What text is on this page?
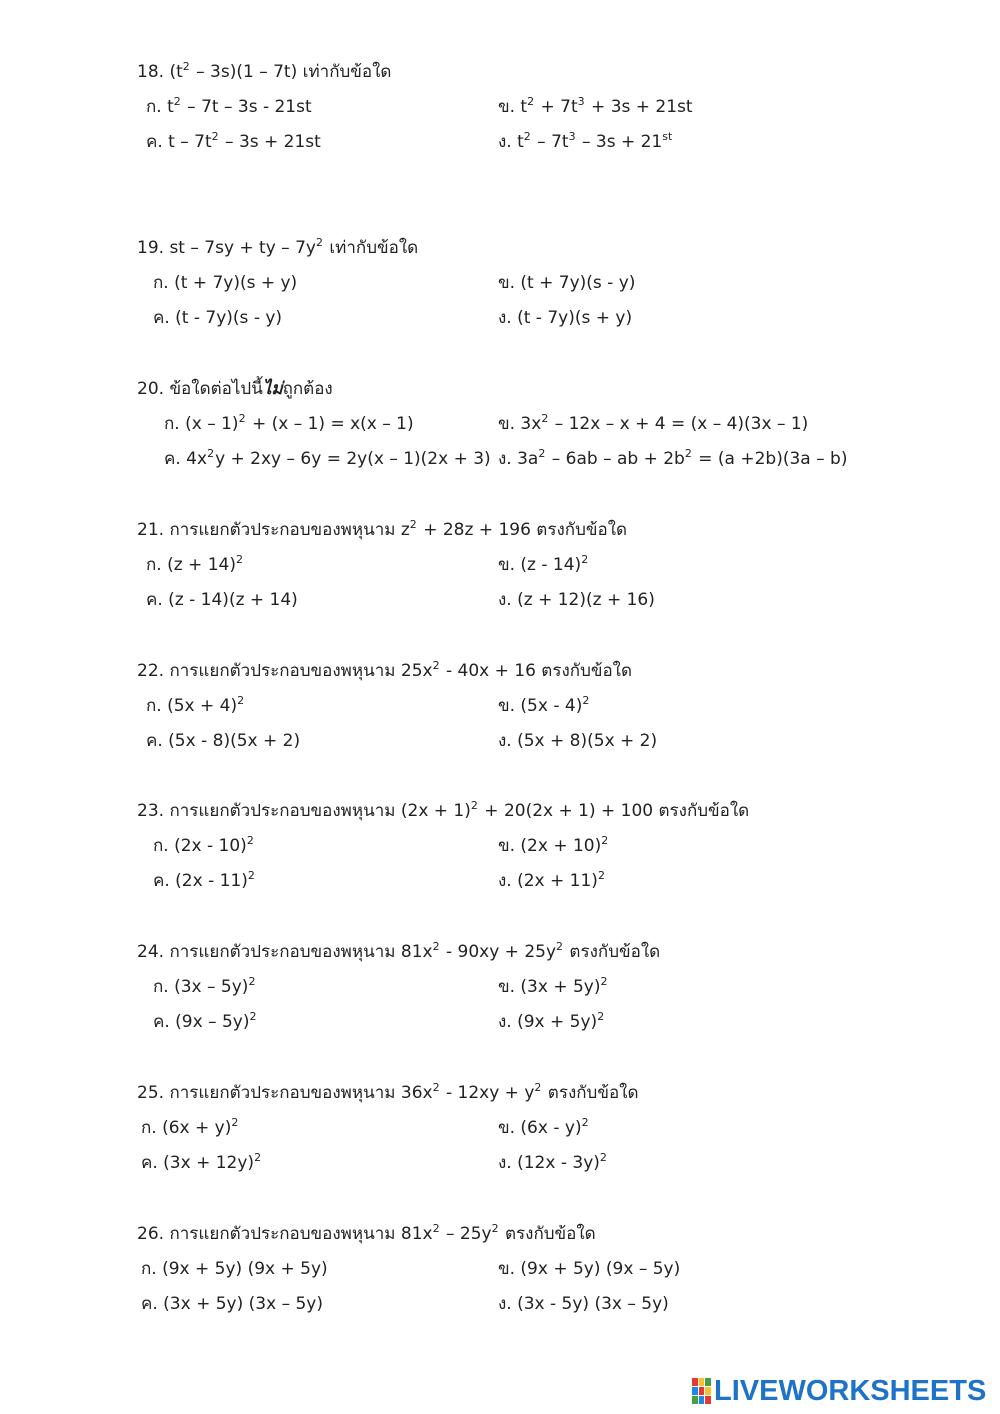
18. $(t^2 - 3s)(1 - 7t)$ เท่ากับข้อใด
ก. $t^2 - 7t - 3s - 21st$	ข. $t^2 + 7t^3 + 3s + 21st$
ค. $t - 7t^2 - 3s + 21st$	ง. $t^2 - 7t^3 - 3s + 21st$
19. st – 7sy + ty – $7y^2$ เท่ากับข้อใด
ก. (t + 7y)(s + y)	ข. (t + 7y)(s - y)
ค. (t - 7y)(s - y)	ง. (t - 7y)(s + y)
20. ข้อใดต่อไปนี้ไม่ถูกต้อง
ก. (x – 1)$^2$ + (x – 1) = x(x – 1)	ข. $3x^2 - 12x - x + 4 = (x - 4)(3x - 1)$
ค. $4x^2y + 2xy - 6y = 2y(x - 1)(2x + 3)$ ง. $3a^2 - 6ab$ – ab + $2b^2 = (a +2b)(3a - b)$
21. การแยกตัวประกอบของพหุนาม $z^2 + 28z + 196$ ตรงกับข้อใด
ก. $(z + 14)^2$	ข. (z - 14)$^2$
ค. (z - 14)(z + 14)	ง. (z + 12)(z + 16)
22. การแยกตัวประกอบของพหุนาม $25x^2 - 40x + 16$ ตรงกับข้อใด
ก. $(5x + 4)^2$	ข. (5x - 4)$^2$
ค. (5x - 8)(5x + 2)	ง. (5x + 8)(5x + 2)
23. การแยกตัวประกอบของพหุนาม $(2x + 1)^2 + 20(2x + 1) + 100$ ตรงกับข้อใด
ก. (2x - 10)$^2$	ข. $(2x + 10)^2$
ค. (2x - 11)$^2$	ง. $(2x + 11)^2$
24. การแยกตัวประกอบของพหุนาม $81x^2 - 90xy + 25y^2$ ตรงกับข้อใด
ก. (3x – 5y)$^2$	ข. $(3x + 5y)^2$
ค. (9x – 5y)$^2$	ง. $(9x + 5y)^2$
25. การแยกตัวประกอบของพหุนาม $36x^2 - 12xy + y^2$ ตรงกับข้อใด
ก. $(6x + y)^2$	ข. (6x - y)$^2$
ค. $(3x + 12y)^2$	ง. (12x - 3y)$^2$
26. การแยกตัวประกอบของพหุนาม $81x^2 - 25y^2$ ตรงกับข้อใด
ก. (9x + 5y) (9x + 5y)	ข. (9x + 5y) (9x – 5y)
ค. (3x + 5y) (3x – 5y)	ง. (3x - 5y) (3x – 5y)
LIVEWORKSHEETS
